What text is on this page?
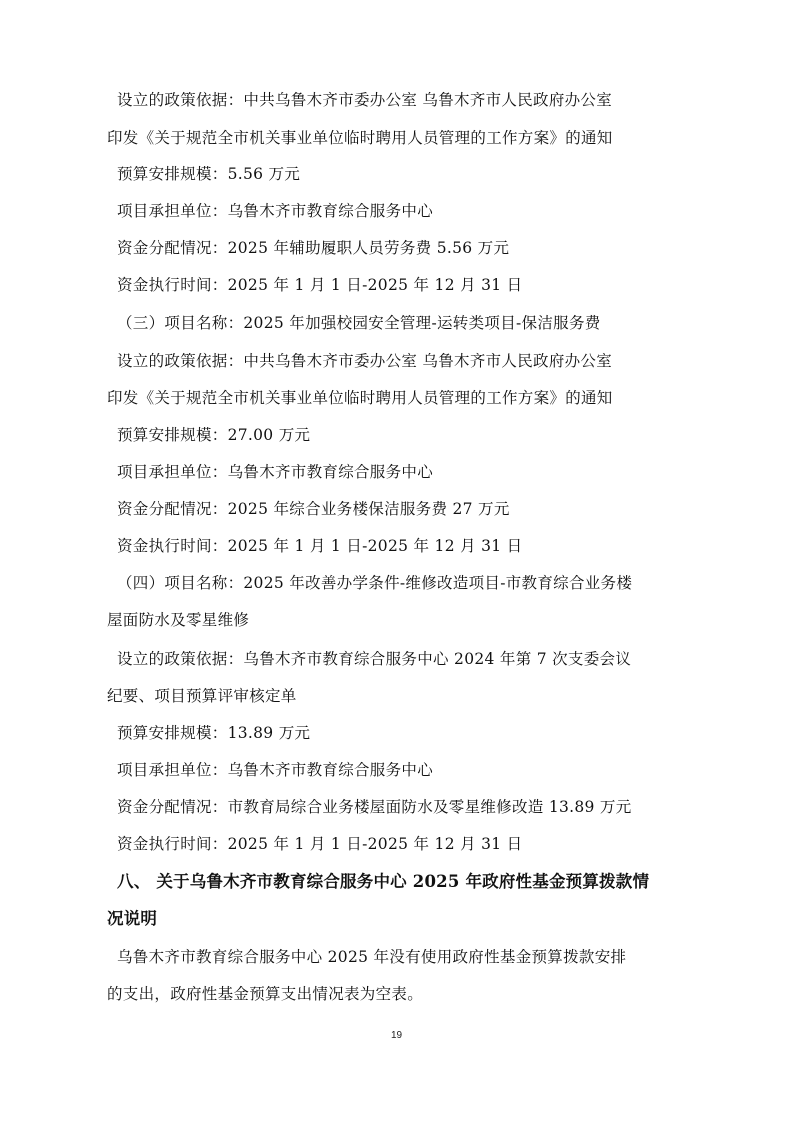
设立的政策依据：中共乌鲁木齐市委办公室 乌鲁木齐市人民政府办公室
印发《关于规范全市机关事业单位临时聘用人员管理的工作方案》的通知
预算安排规模：5.56 万元
项目承担单位：乌鲁木齐市教育综合服务中心
资金分配情况：2025 年辅助履职人员劳务费 5.56 万元
资金执行时间：2025 年 1 月 1 日-2025 年 12 月 31 日
（三）项目名称：2025 年加强校园安全管理-运转类项目-保洁服务费
设立的政策依据：中共乌鲁木齐市委办公室 乌鲁木齐市人民政府办公室
印发《关于规范全市机关事业单位临时聘用人员管理的工作方案》的通知
预算安排规模：27.00 万元
项目承担单位：乌鲁木齐市教育综合服务中心
资金分配情况：2025 年综合业务楼保洁服务费 27 万元
资金执行时间：2025 年 1 月 1 日-2025 年 12 月 31 日
（四）项目名称：2025 年改善办学条件-维修改造项目-市教育综合业务楼
屋面防水及零星维修
设立的政策依据：乌鲁木齐市教育综合服务中心 2024 年第 7 次支委会议
纪要、项目预算评审核定单
预算安排规模：13.89 万元
项目承担单位：乌鲁木齐市教育综合服务中心
资金分配情况：市教育局综合业务楼屋面防水及零星维修改造 13.89 万元
资金执行时间：2025 年 1 月 1 日-2025 年 12 月 31 日
八、 关于乌鲁木齐市教育综合服务中心 2025 年政府性基金预算拨款情
况说明
乌鲁木齐市教育综合服务中心 2025 年没有使用政府性基金预算拨款安排
的支出，政府性基金预算支出情况表为空表。
19
